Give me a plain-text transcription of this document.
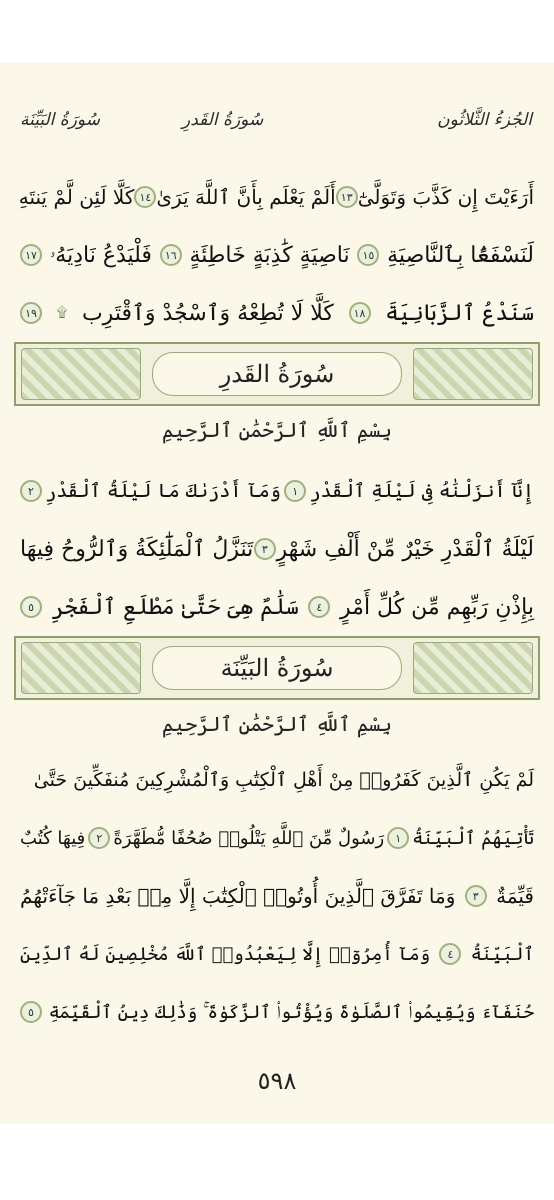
الجُزءُ الثَّلاثُون
سُورَةُ القَدرِ
سُورَةُ البَيِّنَة
أَرَءَيْتَ إِن كَذَّبَ وَتَوَلَّىٰٓ
١٣
أَلَمْ يَعْلَم بِأَنَّ ٱللَّهَ يَرَىٰ
١٤
كَلَّا لَئِن لَّمْ يَنتَهِ
لَنَسْفَعًۢا بِٱلنَّاصِيَةِ
١٥
نَاصِيَةٍ كَٰذِبَةٍ خَاطِئَةٍ
١٦
فَلْيَدْعُ نَادِيَهُۥ
١٧
سَنَدْعُ ٱلزَّبَانِيَةَ
١٨
كَلَّا لَا تُطِعْهُ وَٱسْجُدْ وَٱقْتَرِب
۩
١٩
سُورَةُ القَدرِ
بِسْمِ ٱللَّهِ ٱلرَّحْمَٰنِ ٱلرَّحِيمِ
إِنَّآ أَنزَلْنَٰهُ فِى لَيْلَةِ ٱلْقَدْرِ
١
وَمَآ أَدْرَىٰكَ مَا لَيْلَةُ ٱلْقَدْرِ
٢
لَيْلَةُ ٱلْقَدْرِ خَيْرٌ مِّنْ أَلْفِ شَهْرٍ
٣
تَنَزَّلُ ٱلْمَلَٰٓئِكَةُ وَٱلرُّوحُ فِيهَا
بِإِذْنِ رَبِّهِم مِّن كُلِّ أَمْرٍ
٤
سَلَٰمٌ هِىَ حَتَّىٰ مَطْلَعِ ٱلْفَجْرِ
٥
سُورَةُ البَيِّنَة
بِسْمِ ٱللَّهِ ٱلرَّحْمَٰنِ ٱلرَّحِيمِ
لَمْ يَكُنِ ٱلَّذِينَ كَفَرُوا۟ مِنْ أَهْلِ ٱلْكِتَٰبِ وَٱلْمُشْرِكِينَ مُنفَكِّينَ حَتَّىٰ
تَأْتِيَهُمُ ٱلْبَيِّنَةُ
١
رَسُولٌ مِّنَ ٱللَّهِ يَتْلُوا۟ صُحُفًا مُّطَهَّرَةً
٢
فِيهَا كُتُبٌ
قَيِّمَةٌ
٣
وَمَا تَفَرَّقَ ٱلَّذِينَ أُوتُوا۟ ٱلْكِتَٰبَ إِلَّا مِنۢ بَعْدِ مَا جَآءَتْهُمُ
ٱلْبَيِّنَةُ
٤
وَمَآ أُمِرُوٓا۟ إِلَّا لِيَعْبُدُوا۟ ٱللَّهَ مُخْلِصِينَ لَهُ ٱلدِّينَ
حُنَفَآءَ وَيُقِيمُوا۟ ٱلصَّلَوٰةَ وَيُؤْتُوا۟ ٱلزَّكَوٰةَ ۚ وَذَٰلِكَ دِينُ ٱلْقَيِّمَةِ
٥
٥٩٨
